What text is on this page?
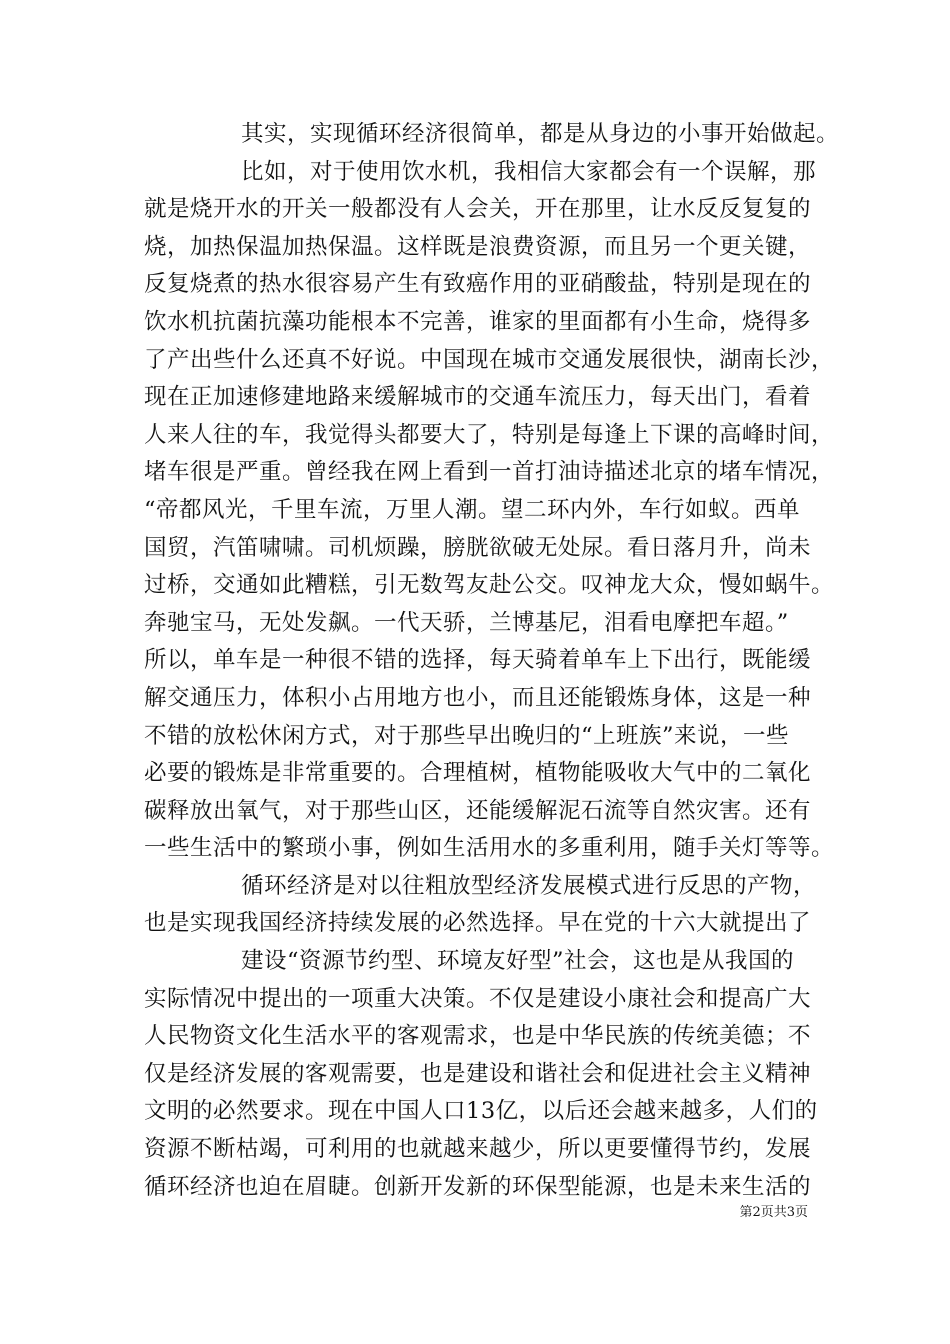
其实，实现循环经济很简单，都是从身边的小事开始做起。
比如，对于使用饮水机，我相信大家都会有一个误解，那
就是烧开水的开关一般都没有人会关，开在那里，让水反反复复的
烧，加热保温加热保温。这样既是浪费资源，而且另一个更关键，
反复烧煮的热水很容易产生有致癌作用的亚硝酸盐，特别是现在的
饮水机抗菌抗藻功能根本不完善，谁家的里面都有小生命，烧得多
了产出些什么还真不好说。中国现在城市交通发展很快，湖南长沙，
现在正加速修建地路来缓解城市的交通车流压力，每天出门，看着
人来人往的车，我觉得头都要大了，特别是每逢上下课的高峰时间，
堵车很是严重。曾经我在网上看到一首打油诗描述北京的堵车情况，
“帝都风光，千里车流，万里人潮。望二环内外，车行如蚁。西单
国贸，汽笛啸啸。司机烦躁，膀胱欲破无处尿。看日落月升，尚未
过桥，交通如此糟糕，引无数驾友赴公交。叹神龙大众，慢如蜗牛。
奔驰宝马，无处发飙。一代天骄，兰博基尼，泪看电摩把车超。”
所以，单车是一种很不错的选择，每天骑着单车上下出行，既能缓
解交通压力，体积小占用地方也小，而且还能锻炼身体，这是一种
不错的放松休闲方式，对于那些早出晚归的“上班族”来说，一些
必要的锻炼是非常重要的。合理植树，植物能吸收大气中的二氧化
碳释放出氧气，对于那些山区，还能缓解泥石流等自然灾害。还有
一些生活中的繁琐小事，例如生活用水的多重利用，随手关灯等等。
循环经济是对以往粗放型经济发展模式进行反思的产物，
也是实现我国经济持续发展的必然选择。早在党的十六大就提出了
建设“资源节约型、环境友好型”社会，这也是从我国的
实际情况中提出的一项重大决策。不仅是建设小康社会和提高广大
人民物资文化生活水平的客观需求，也是中华民族的传统美德；不
仅是经济发展的客观需要，也是建设和谐社会和促进社会主义精神
文明的必然要求。现在中国人口13亿，以后还会越来越多，人们的
资源不断枯竭，可利用的也就越来越少，所以更要懂得节约，发展
循环经济也迫在眉睫。创新开发新的环保型能源，也是未来生活的
第2页共3页
